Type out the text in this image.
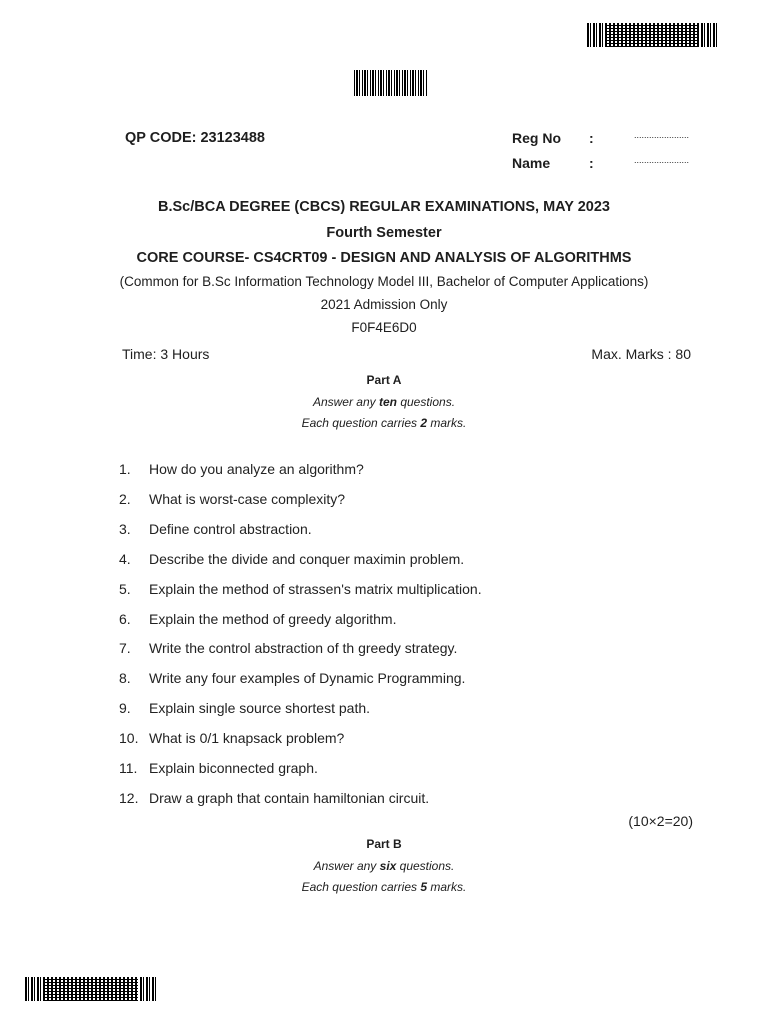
QP CODE: 23123488	Reg No :	......................
Name	:	......................
B.Sc/BCA DEGREE (CBCS) REGULAR EXAMINATIONS, MAY 2023
Fourth Semester
CORE COURSE- CS4CRT09 - DESIGN AND ANALYSIS OF ALGORITHMS
(Common for B.Sc Information Technology Model III, Bachelor of Computer Applications)
2021 Admission Only
F0F4E6D0
Time: 3 Hours	Max. Marks : 80
Part A
Answer any ten questions.
Each question carries 2 marks.
1. How do you analyze an algorithm?
2. What is worst-case complexity?
3. Define control abstraction.
4. Describe the divide and conquer maximin problem.
5. Explain the method of strassen's matrix multiplication.
6. Explain the method of greedy algorithm.
7. Write the control abstraction of th greedy strategy.
8. Write any four examples of Dynamic Programming.
9. Explain single source shortest path.
10. What is 0/1 knapsack problem?
11. Explain biconnected graph.
12. Draw a graph that contain hamiltonian circuit.
(10×2=20)
Part B
Answer any six questions.
Each question carries 5 marks.
